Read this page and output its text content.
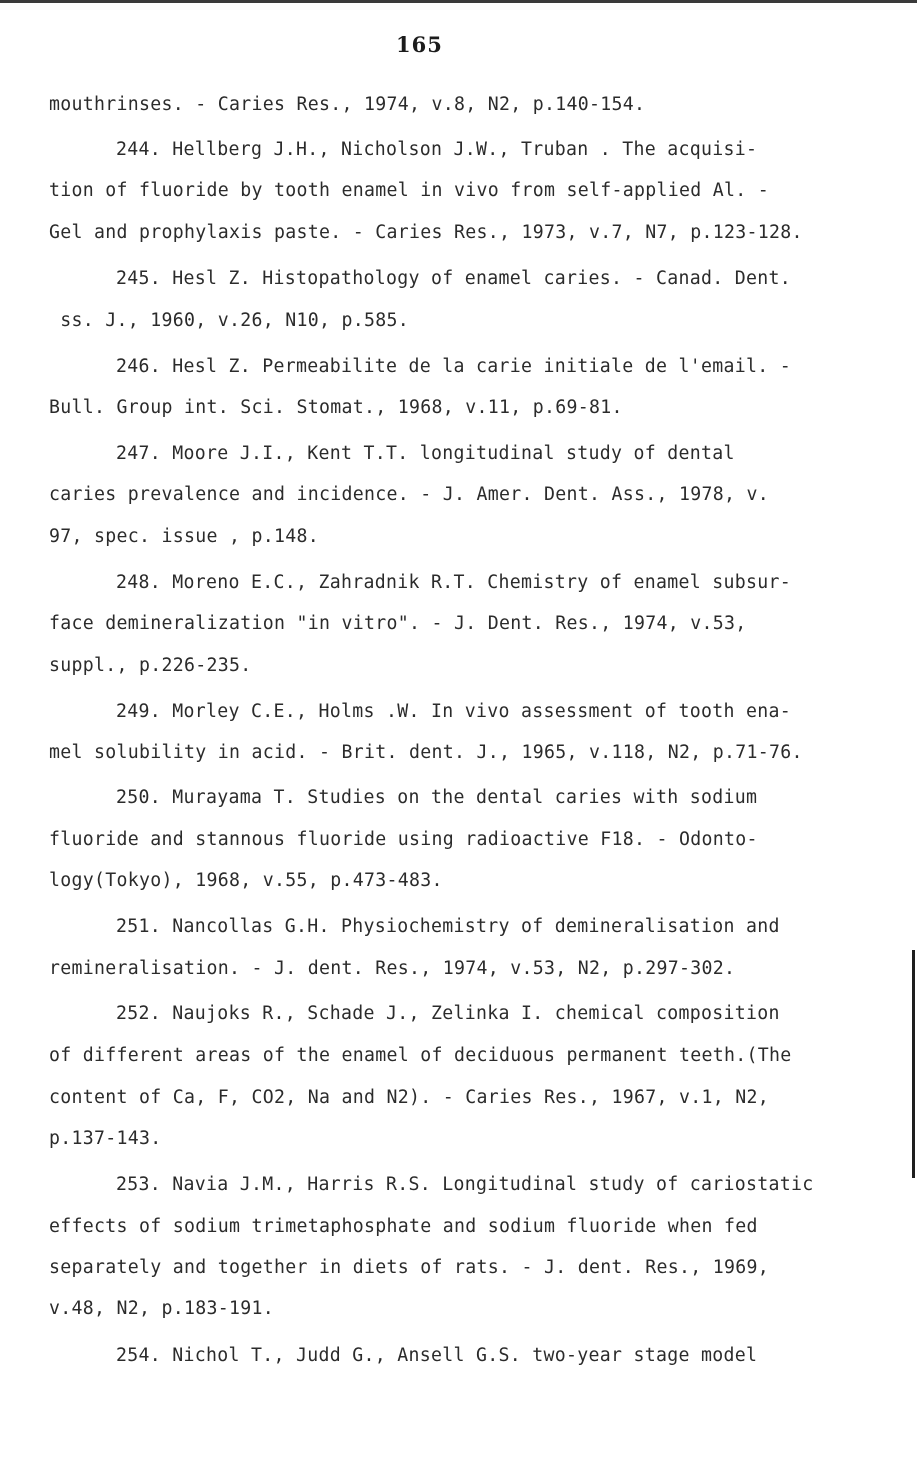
165
mouthrinses. - Caries Res., 1974, v.8, N2, p.140-154.
244. Hellberg J.H., Nicholson J.W., Truban . The acquisi-
tion of fluoride by tooth enamel in vivo from self-applied Al. -
Gel and prophylaxis paste. - Caries Res., 1973, v.7, N7, p.123-128.
245. Hesl Z. Histopathology of enamel caries. - Canad. Dent.
ss. J., 1960, v.26, N10, p.585.
246. Hesl Z. Permeabilite de la carie initiale de l'email. -
Bull. Group int. Sci. Stomat., 1968, v.11, p.69-81.
247. Moore J.I., Kent T.T. longitudinal study of dental
caries prevalence and incidence. - J. Amer. Dent. Ass., 1978, v.
97, spec. issue , p.148.
248. Moreno E.C., Zahradnik R.T. Chemistry of enamel subsur-
face demineralization "in vitro". - J. Dent. Res., 1974, v.53,
suppl., p.226-235.
249. Morley C.E., Holms .W. In vivo assessment of tooth ena-
mel solubility in acid. - Brit. dent. J., 1965, v.118, N2, p.71-76.
250. Murayama T. Studies on the dental caries with sodium
fluoride and stannous fluoride using radioactive F18. - Odonto-
logy(Tokyo), 1968, v.55, p.473-483.
251. Nancollas G.H. Physiochemistry of demineralisation and
remineralisation. - J. dent. Res., 1974, v.53, N2, p.297-302.
252. Naujoks R., Schade J., Zelinka I. chemical composition
of different areas of the enamel of deciduous permanent teeth.(The
content of Ca, F, CO2, Na and N2). - Caries Res., 1967, v.1, N2,
p.137-143.
253. Navia J.M., Harris R.S. Longitudinal study of cariostatic
effects of sodium trimetaphosphate and sodium fluoride when fed
separately and together in diets of rats. - J. dent. Res., 1969,
v.48, N2, p.183-191.
254. Nichol T., Judd G., Ansell G.S. two-year stage model
